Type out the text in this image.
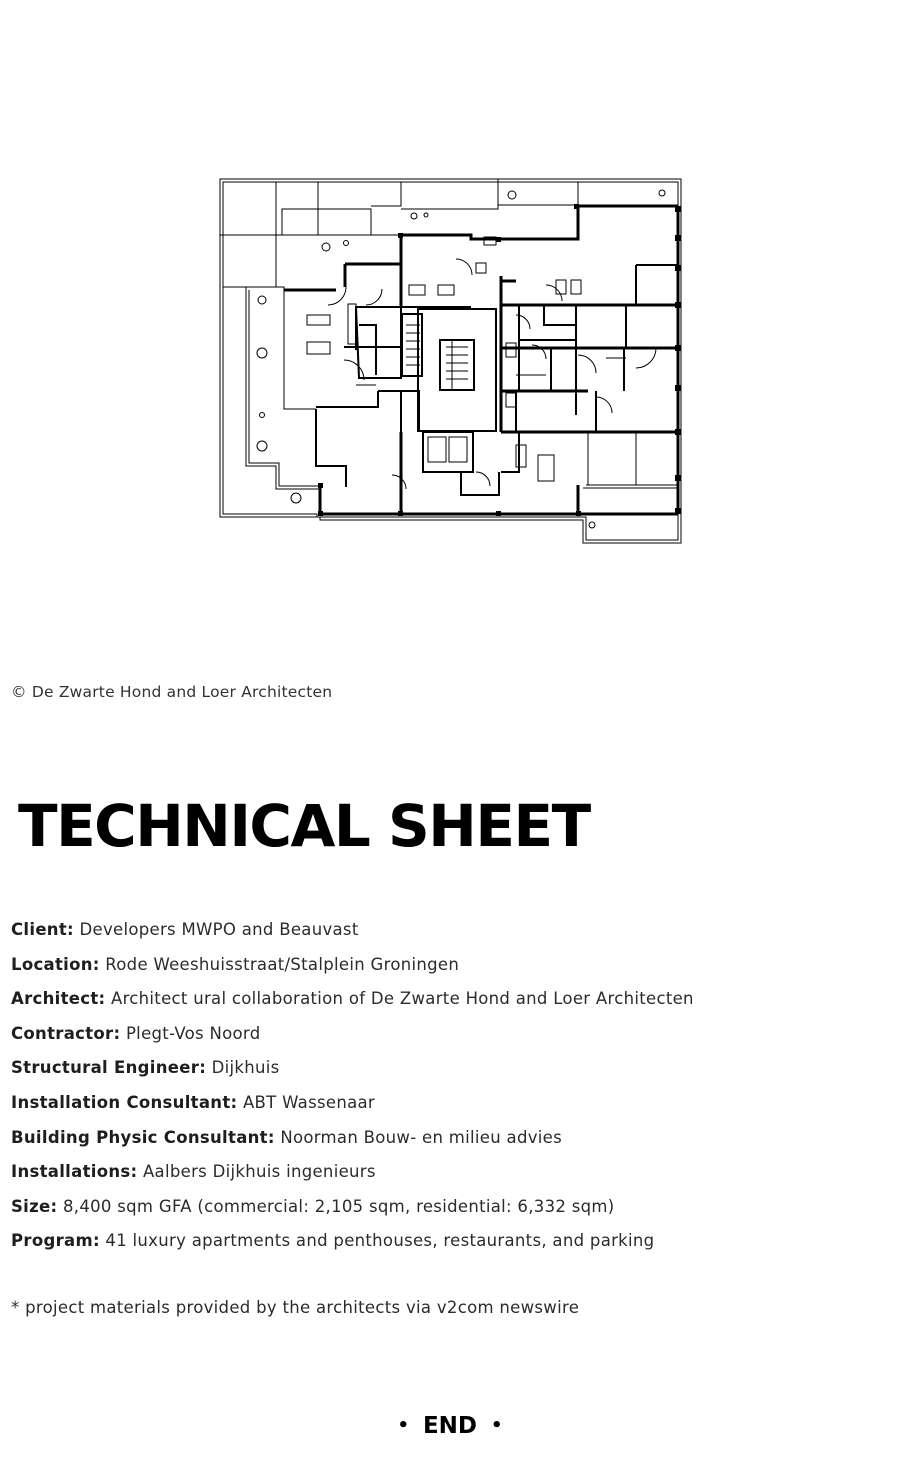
© De Zwarte Hond and Loer Architecten
TECHNICAL SHEET
Client: Developers MWPO and Beauvast
Location: Rode Weeshuisstraat/Stalplein Groningen
Architect: Architect ural collaboration of De Zwarte Hond and Loer Architecten
Contractor: Plegt-Vos Noord
Structural Engineer: Dijkhuis
Installation Consultant: ABT Wassenaar
Building Physic Consultant: Noorman Bouw- en milieu advies
Installations: Aalbers Dijkhuis ingenieurs
Size: 8,400 sqm GFA (commercial: 2,105 sqm, residential: 6,332 sqm)
Program: 41 luxury apartments and penthouses, restaurants, and parking
* project materials provided by the architects via v2com newswire
• END •
